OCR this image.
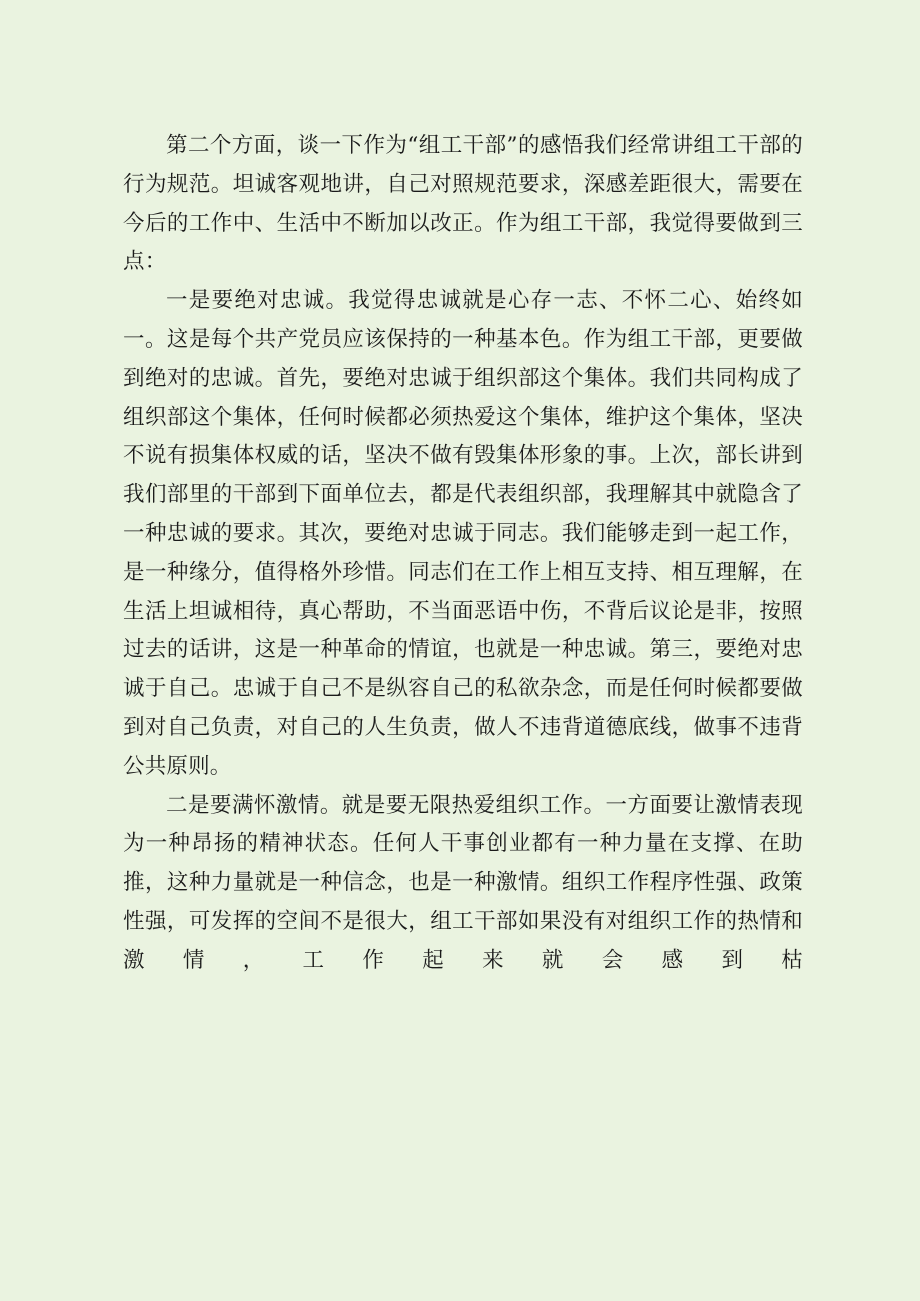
第二个方面，谈一下作为“组工干部”的感悟我们经常讲组工干部的行为规范。坦诚客观地讲，自己对照规范要求，深感差距很大，需要在今后的工作中、生活中不断加以改正。作为组工干部，我觉得要做到三点：

一是要绝对忠诚。我觉得忠诚就是心存一志、不怀二心、始终如一。这是每个共产党员应该保持的一种基本色。作为组工干部，更要做到绝对的忠诚。首先，要绝对忠诚于组织部这个集体。我们共同构成了组织部这个集体，任何时候都必须热爱这个集体，维护这个集体，坚决不说有损集体权威的话，坚决不做有毁集体形象的事。上次，部长讲到我们部里的干部到下面单位去，都是代表组织部，我理解其中就隐含了一种忠诚的要求。其次，要绝对忠诚于同志。我们能够走到一起工作，是一种缘分，值得格外珍惜。同志们在工作上相互支持、相互理解，在生活上坦诚相待，真心帮助，不当面恶语中伤，不背后议论是非，按照过去的话讲，这是一种革命的情谊，也就是一种忠诚。第三，要绝对忠诚于自己。忠诚于自己不是纵容自己的私欲杂念，而是任何时候都要做到对自己负责，对自己的人生负责，做人不违背道德底线，做事不违背公共原则。

二是要满怀激情。就是要无限热爱组织工作。一方面要让激情表现为一种昂扬的精神状态。任何人干事创业都有一种力量在支撑、在助推，这种力量就是一种信念，也是一种激情。组织工作程序性强、政策性强，可发挥的空间不是很大，组工干部如果没有对组织工作的热情和激情，工作起来就会感到枯
